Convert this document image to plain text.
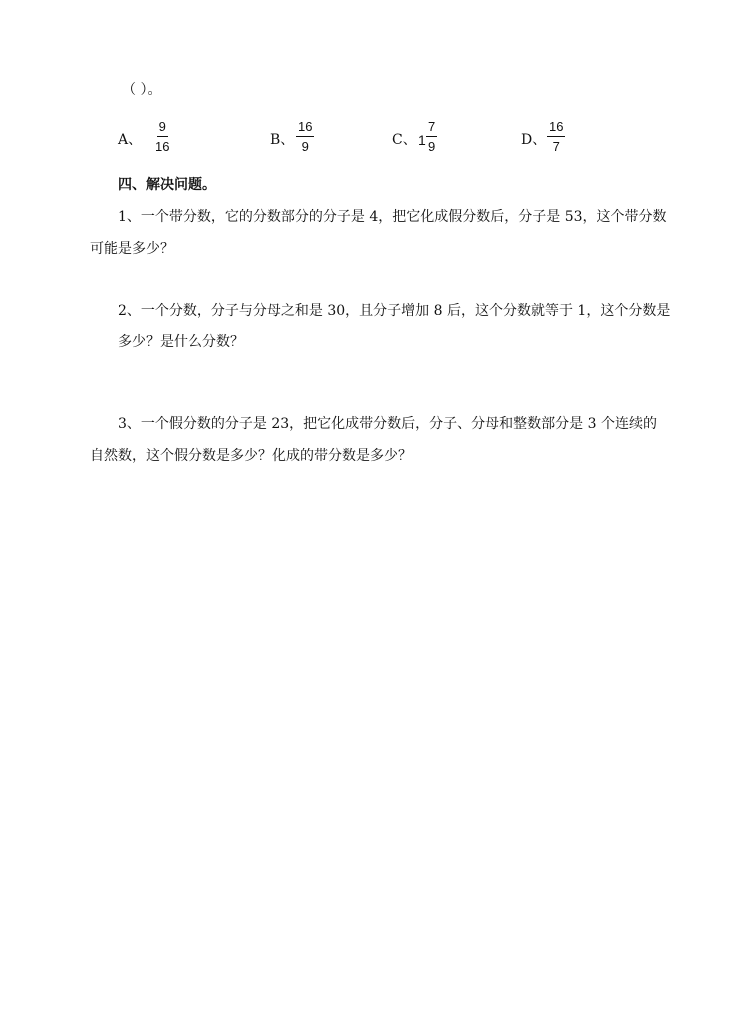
（ ）。
A、 $\frac{9}{16}$	B、 $\frac{16}{9}$	C、 $1 \frac{7}{9}$	D、 $\frac{16}{7}$
四、解决问题。
1、一个带分数，它的分数部分的分子是 4，把它化成假分数后，分子是 53，这个带分数
可能是多少？
2、一个分数，分子与分母之和是 30，且分子增加 8 后，这个分数就等于 1，这个分数是
多少？是什么分数？
3、一个假分数的分子是 23，把它化成带分数后，分子、分母和整数部分是 3 个连续的
自然数，这个假分数是多少？化成的带分数是多少？
